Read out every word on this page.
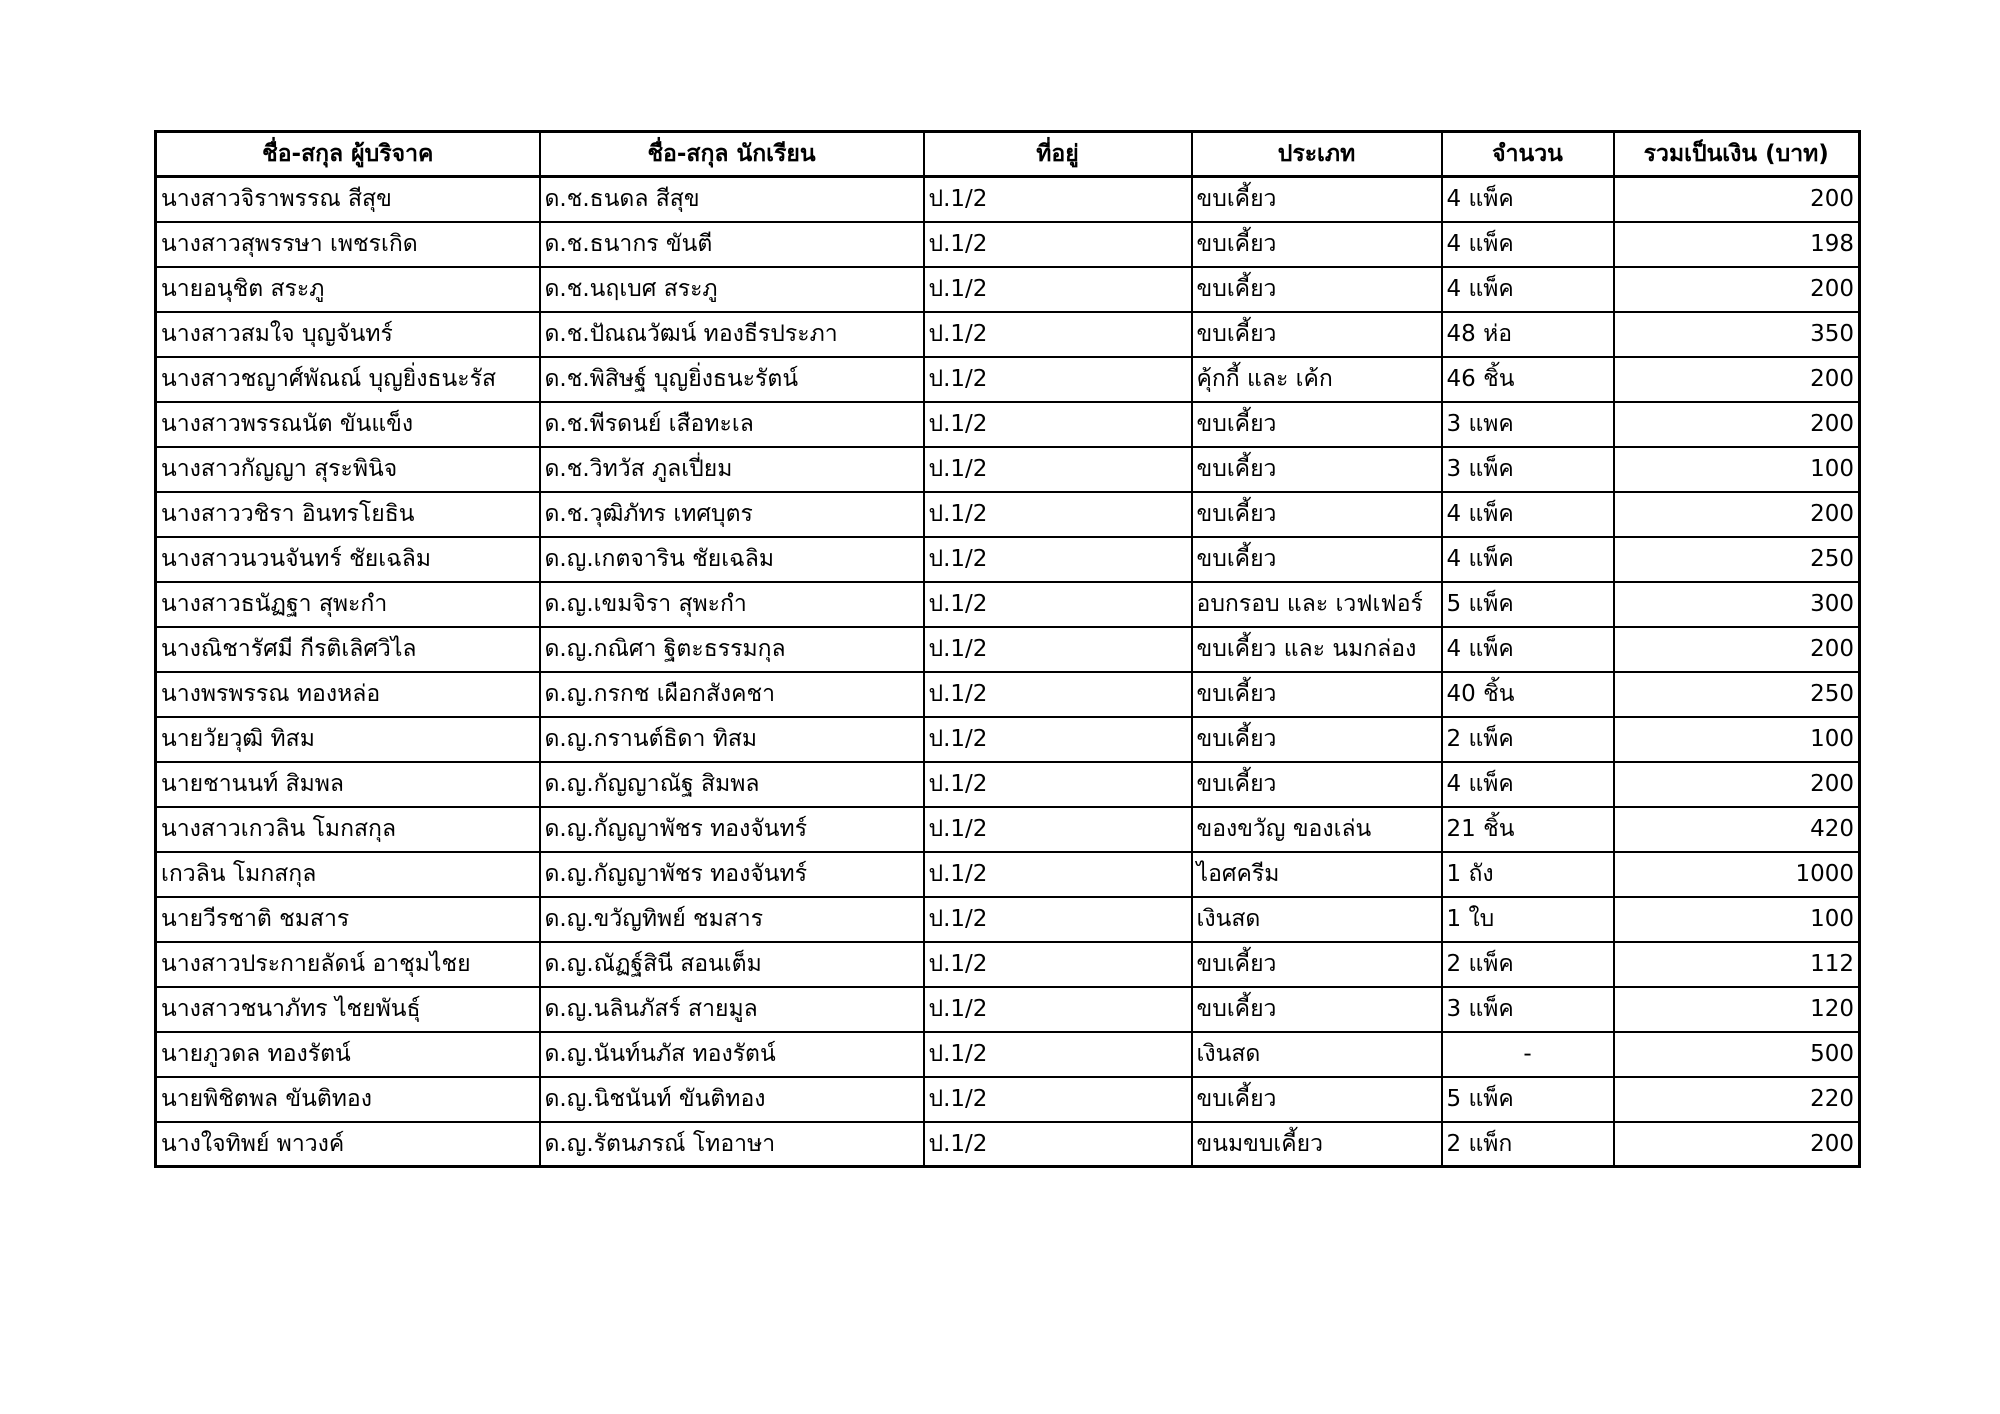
ชื่อ-สกุล ผู้บริจาค	ชื่อ-สกุล นักเรียน	ที่อยู่	ประเภท	จำนวน	รวมเป็นเงิน (บาท)
นางสาวจิราพรรณ สีสุข	ด.ช.ธนดล สีสุข	ป.1/2	ขบเคี้ยว	4 แพ็ค	200
นางสาวสุพรรษา เพชรเกิด	ด.ช.ธนากร ขันตี	ป.1/2	ขบเคี้ยว	4 แพ็ค	198
นายอนุชิต สระภู	ด.ช.นฤเบศ สระภู	ป.1/2	ขบเคี้ยว	4 แพ็ค	200
นางสาวสมใจ บุญจันทร์	ด.ช.ปัณณวัฒน์ ทองธีรประภา	ป.1/2	ขบเคี้ยว	48 ห่อ	350
นางสาวชญาศ์พัณณ์ บุญยิ่งธนะรัส	ด.ช.พิสิษฐ์ บุญยิ่งธนะรัตน์	ป.1/2	คุ้กกี้ และ เค้ก	46 ชิ้น	200
นางสาวพรรณนัต ขันแข็ง	ด.ช.พีรดนย์ เสือทะเล	ป.1/2	ขบเคี้ยว	3 แพค	200
นางสาวกัญญา สุระพินิจ	ด.ช.วิทวัส ภูลเปี่ยม	ป.1/2	ขบเคี้ยว	3 แพ็ค	100
นางสาววชิรา อินทรโยธิน	ด.ช.วุฒิภัทร เทศบุตร	ป.1/2	ขบเคี้ยว	4 แพ็ค	200
นางสาวนวนจันทร์ ชัยเฉลิม	ด.ญ.เกตจาริน ชัยเฉลิม	ป.1/2	ขบเคี้ยว	4 แพ็ค	250
นางสาวธนัฏฐา สุพะกำ	ด.ญ.เขมจิรา สุพะกำ	ป.1/2	อบกรอบ และ เวฟเฟอร์	5 แพ็ค	300
นางณิชารัศมี กีรติเลิศวิไล	ด.ญ.กณิศา ฐิตะธรรมกุล	ป.1/2	ขบเคี้ยว และ นมกล่อง	4 แพ็ค	200
นางพรพรรณ ทองหล่อ	ด.ญ.กรกช เผือกสังคชา	ป.1/2	ขบเคี้ยว	40 ชิ้น	250
นายวัยวุฒิ ทิสม	ด.ญ.กรานต์ธิดา ทิสม	ป.1/2	ขบเคี้ยว	2 แพ็ค	100
นายชานนท์ สิมพล	ด.ญ.กัญญาณัฐ สิมพล	ป.1/2	ขบเคี้ยว	4 แพ็ค	200
นางสาวเกวลิน โมกสกุล	ด.ญ.กัญญาพัชร ทองจันทร์	ป.1/2	ของขวัญ ของเล่น	21 ชิ้น	420
เกวลิน โมกสกุล	ด.ญ.กัญญาพัชร ทองจันทร์	ป.1/2	ไอศครีม	1 ถัง	1000
นายวีรชาติ ชมสาร	ด.ญ.ขวัญทิพย์ ชมสาร	ป.1/2	เงินสด	1 ใบ	100
นางสาวประกายลัดน์ อาชุมไชย	ด.ญ.ณัฏฐ์สินี สอนเต็ม	ป.1/2	ขบเคี้ยว	2 แพ็ค	112
นางสาวชนาภัทร ไชยพันธุ์	ด.ญ.นลินภัสร์ สายมูล	ป.1/2	ขบเคี้ยว	3 แพ็ค	120
นายภูวดล ทองรัตน์	ด.ญ.นันท์นภัส ทองรัตน์	ป.1/2	เงินสด	-	500
นายพิชิตพล ขันติทอง	ด.ญ.นิชนันท์ ขันติทอง	ป.1/2	ขบเคี้ยว	5 แพ็ค	220
นางใจทิพย์ พาวงค์	ด.ญ.รัตนภรณ์ โทอาษา	ป.1/2	ขนมขบเคี้ยว	2 แพ็ก	200
